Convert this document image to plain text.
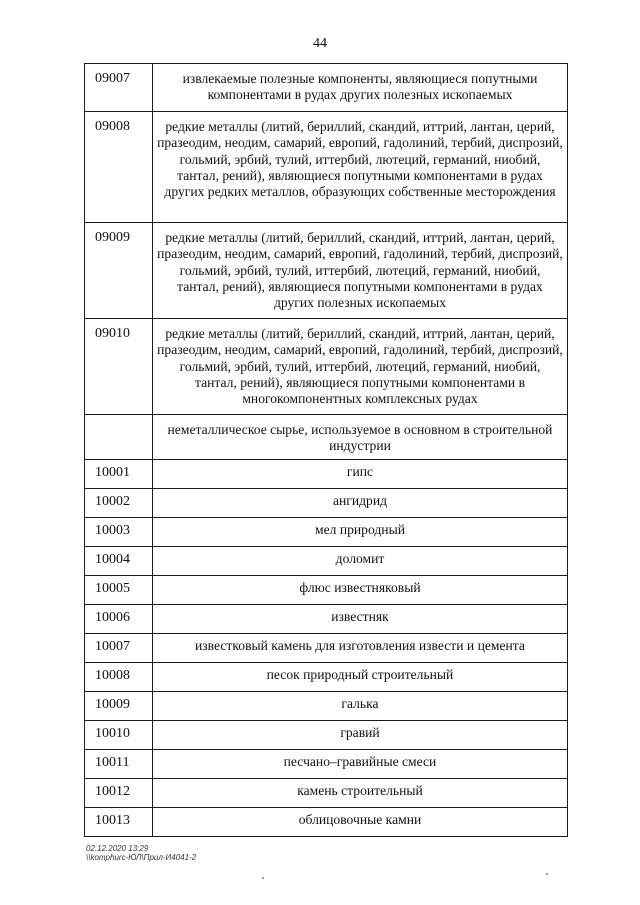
44
09007	извлекаемые полезные компоненты, являющиеся попутными компонентами в рудах других полезных ископаемых
09008	редкие металлы (литий, бериллий, скандий, иттрий, лантан, церий, празеодим, неодим, самарий, европий, гадолиний, тербий, диспрозий, гольмий, эрбий, тулий, иттербий, лютеций, германий, ниобий, тантал, рений), являющиеся попутными компонентами в рудах других редких металлов, образующих собственные месторождения
09009	редкие металлы (литий, бериллий, скандий, иттрий, лантан, церий, празеодим, неодим, самарий, европий, гадолиний, тербий, диспрозий, гольмий, эрбий, тулий, иттербий, лютеций, германий, ниобий, тантал, рений), являющиеся попутными компонентами в рудах других полезных ископаемых
09010	редкие металлы (литий, бериллий, скандий, иттрий, лантан, церий, празеодим, неодим, самарий, европий, гадолиний, тербий, диспрозий, гольмий, эрбий, тулий, иттербий, лютеций, германий, ниобий, тантал, рений), являющиеся попутными компонентами в многокомпонентных комплексных рудах
	неметаллическое сырье, используемое в основном в строительной индустрии
10001	гипс
10002	ангидрид
10003	мел природный
10004	доломит
10005	флюс известняковый
10006	известняк
10007	известковый камень для изготовления извести и цемента
10008	песок природный строительный
10009	галька
10010	гравий
10011	песчано–гравийные смеси
10012	камень строительный
10013	облицовочные камни
02.12.2020 13:29
\\komphurc-ЮЛ\Прил-И4041-2
